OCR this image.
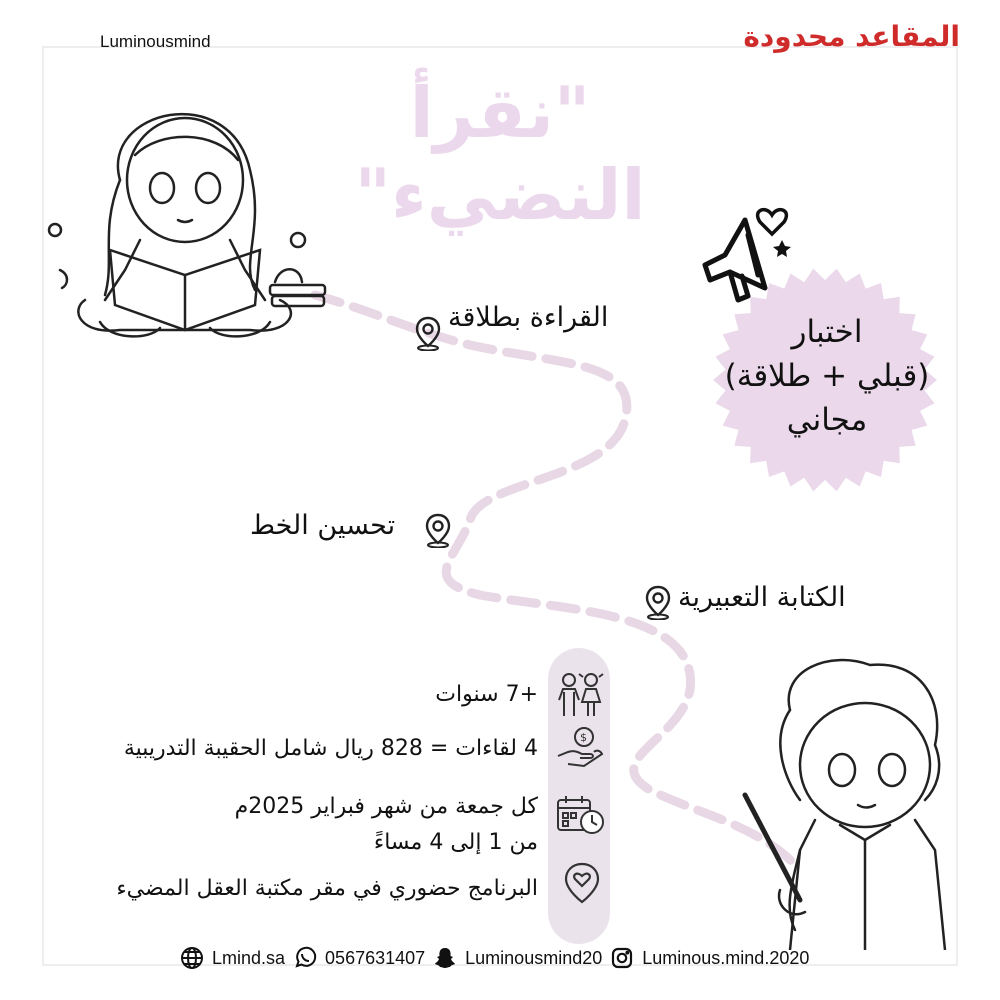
Luminousmind	المقاعد محدودة
"نقرأ النضيء"
القراءة بطلاقة
تحسين الخط
الكتابة التعبيرية
اختبار
(قبلي + طلاقة)
مجاني
+7 سنوات
$
4 لقاءات = 828 ريال شامل الحقيبة التدريبية
كل جمعة من شهر فبراير 2025م
من 1 إلى 4 مساءً
البرنامج حضوري في مقر مكتبة العقل المضيء
Lmind.sa 0567631407 Luminousmind20 Luminous.mind.2020
